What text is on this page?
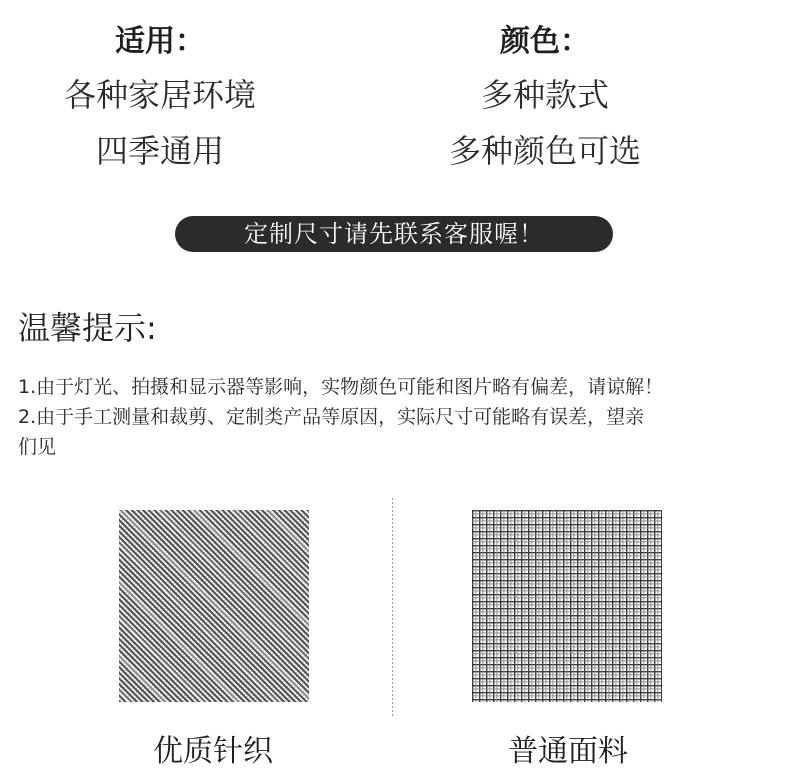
适用：
各种家居环境
四季通用
颜色：
多种款式
多种颜色可选
定制尺寸请先联系客服喔！
温馨提示:

1.由于灯光、拍摄和显示器等影响，实物颜色可能和图片略有偏差，请谅解！

2.由于手工测量和裁剪、定制类产品等原因，实际尺寸可能略有误差，望亲

们见

优质针织	普通面料
